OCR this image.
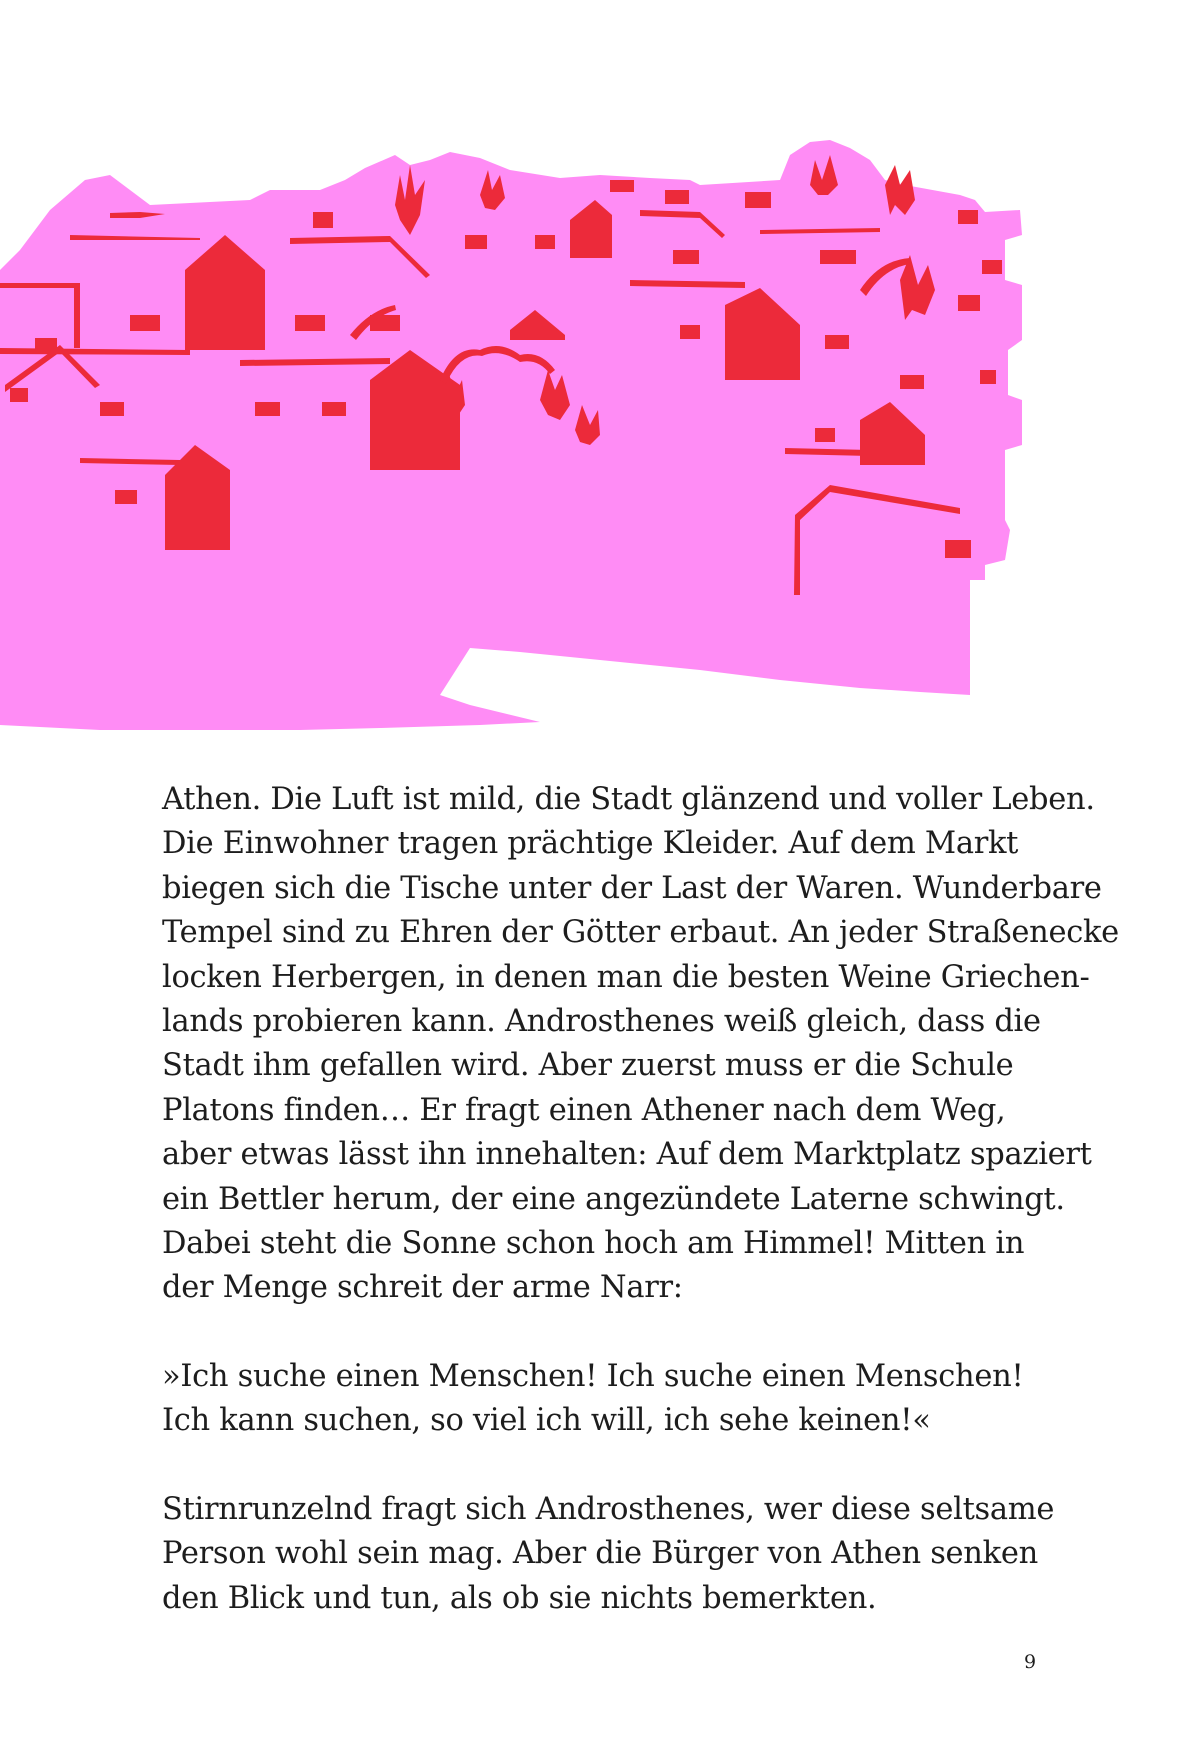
Athen. Die Luft ist mild, die Stadt glänzend und voller Leben.
Die Einwohner tragen prächtige Kleider. Auf dem Markt
biegen sich die Tische unter der Last der Waren. Wunderbare
Tempel sind zu Ehren der Götter erbaut. An jeder Straßenecke
locken Herbergen, in denen man die besten Weine Griechen-
lands probieren kann. Androsthenes weiß gleich, dass die
Stadt ihm gefallen wird. Aber zuerst muss er die Schule
Platons finden… Er fragt einen Athener nach dem Weg,
aber etwas lässt ihn innehalten: Auf dem Marktplatz spaziert
ein Bettler herum, der eine angezündete Laterne schwingt.
Dabei steht die Sonne schon hoch am Himmel! Mitten in
der Menge schreit der arme Narr:

»Ich suche einen Menschen! Ich suche einen Menschen!
Ich kann suchen, so viel ich will, ich sehe keinen!«

Stirnrunzelnd fragt sich Androsthenes, wer diese seltsame
Person wohl sein mag. Aber die Bürger von Athen senken
den Blick und tun, als ob sie nichts bemerkten.

9
